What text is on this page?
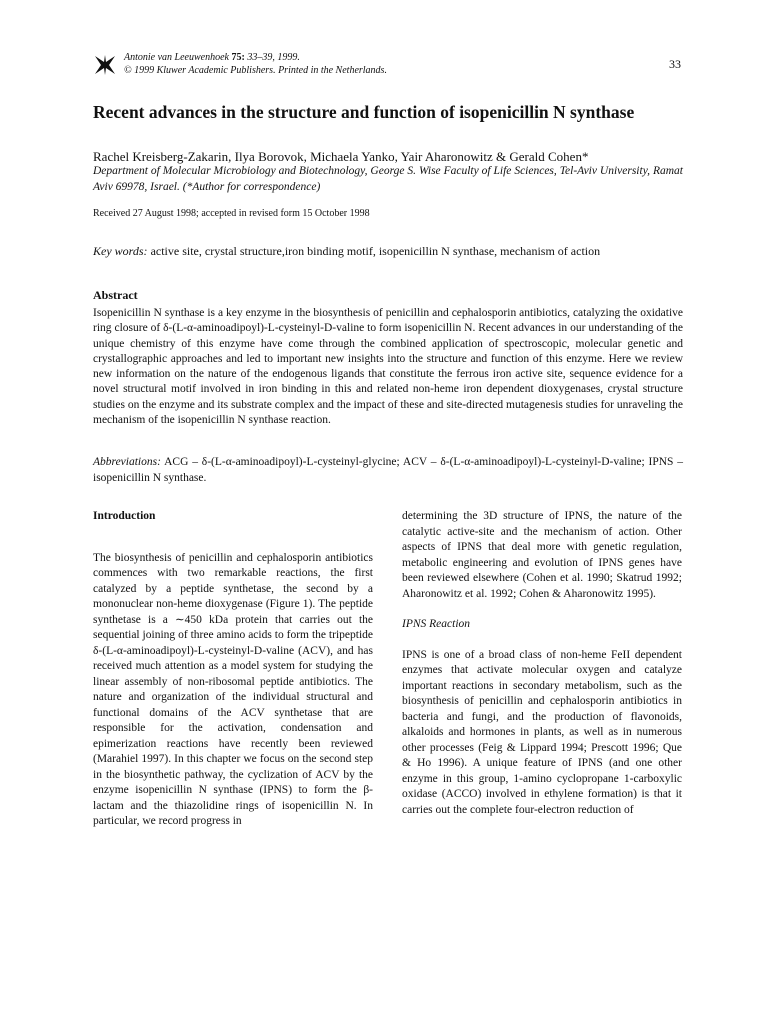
Antonie van Leeuwenhoek 75: 33–39, 1999.
© 1999 Kluwer Academic Publishers. Printed in the Netherlands.	33
Recent advances in the structure and function of isopenicillin N synthase
Rachel Kreisberg-Zakarin, Ilya Borovok, Michaela Yanko, Yair Aharonowitz & Gerald Cohen*
Department of Molecular Microbiology and Biotechnology, George S. Wise Faculty of Life Sciences, Tel-Aviv University, Ramat Aviv 69978, Israel. (*Author for correspondence)
Received 27 August 1998; accepted in revised form 15 October 1998
Key words: active site, crystal structure,iron binding motif, isopenicillin N synthase, mechanism of action
Abstract
Isopenicillin N synthase is a key enzyme in the biosynthesis of penicillin and cephalosporin antibiotics, catalyzing the oxidative ring closure of δ-(L-α-aminoadipoyl)-L-cysteinyl-D-valine to form isopenicillin N. Recent advances in our understanding of the unique chemistry of this enzyme have come through the combined application of spectroscopic, molecular genetic and crystallographic approaches and led to important new insights into the structure and function of this enzyme. Here we review new information on the nature of the endogenous ligands that constitute the ferrous iron active site, sequence evidence for a novel structural motif involved in iron binding in this and related non-heme iron dependent dioxygenases, crystal structure studies on the enzyme and its substrate complex and the impact of these and site-directed mutagenesis studies for unraveling the mechanism of the isopenicillin N synthase reaction.
Abbreviations: ACG – δ-(L-α-aminoadipoyl)-L-cysteinyl-glycine; ACV – δ-(L-α-aminoadipoyl)-L-cysteinyl-D-valine; IPNS – isopenicillin N synthase.

Introduction

The biosynthesis of penicillin and cephalosporin antibiotics commences with two remarkable reactions, the first catalyzed by a peptide synthetase, the second by a mononuclear non-heme dioxygenase (Figure 1). The peptide synthetase is a ∼450 kDa protein that carries out the sequential joining of three amino acids to form the tripeptide δ-(L-α-aminoadipoyl)-L-cysteinyl-D-valine (ACV), and has received much attention as a model system for studying the linear assembly of non-ribosomal peptide antibiotics. The nature and organization of the individual structural and functional domains of the ACV synthetase that are responsible for the activation, condensation and epimerization reactions have recently been reviewed (Marahiel 1997). In this chapter we focus on the second step in the biosynthetic pathway, the cyclization of ACV by the enzyme isopenicillin N synthase (IPNS) to form the β-lactam and the thiazolidine rings of isopenicillin N. In particular, we record progress in

determining the 3D structure of IPNS, the nature of the catalytic active-site and the mechanism of action. Other aspects of IPNS that deal more with genetic regulation, metabolic engineering and evolution of IPNS genes have been reviewed elsewhere (Cohen et al. 1990; Skatrud 1992; Aharonowitz et al. 1992; Cohen & Aharonowitz 1995).

IPNS Reaction

IPNS is one of a broad class of non-heme FeII dependent enzymes that activate molecular oxygen and catalyze important reactions in secondary metabolism, such as the biosynthesis of penicillin and cephalosporin antibiotics in bacteria and fungi, and the production of flavonoids, alkaloids and hormones in plants, as well as in numerous other processes (Feig & Lippard 1994; Prescott 1996; Que & Ho 1996). A unique feature of IPNS (and one other enzyme in this group, 1-amino cyclopropane 1-carboxylic oxidase (ACCO) involved in ethylene formation) is that it carries out the complete four-electron reduction of
